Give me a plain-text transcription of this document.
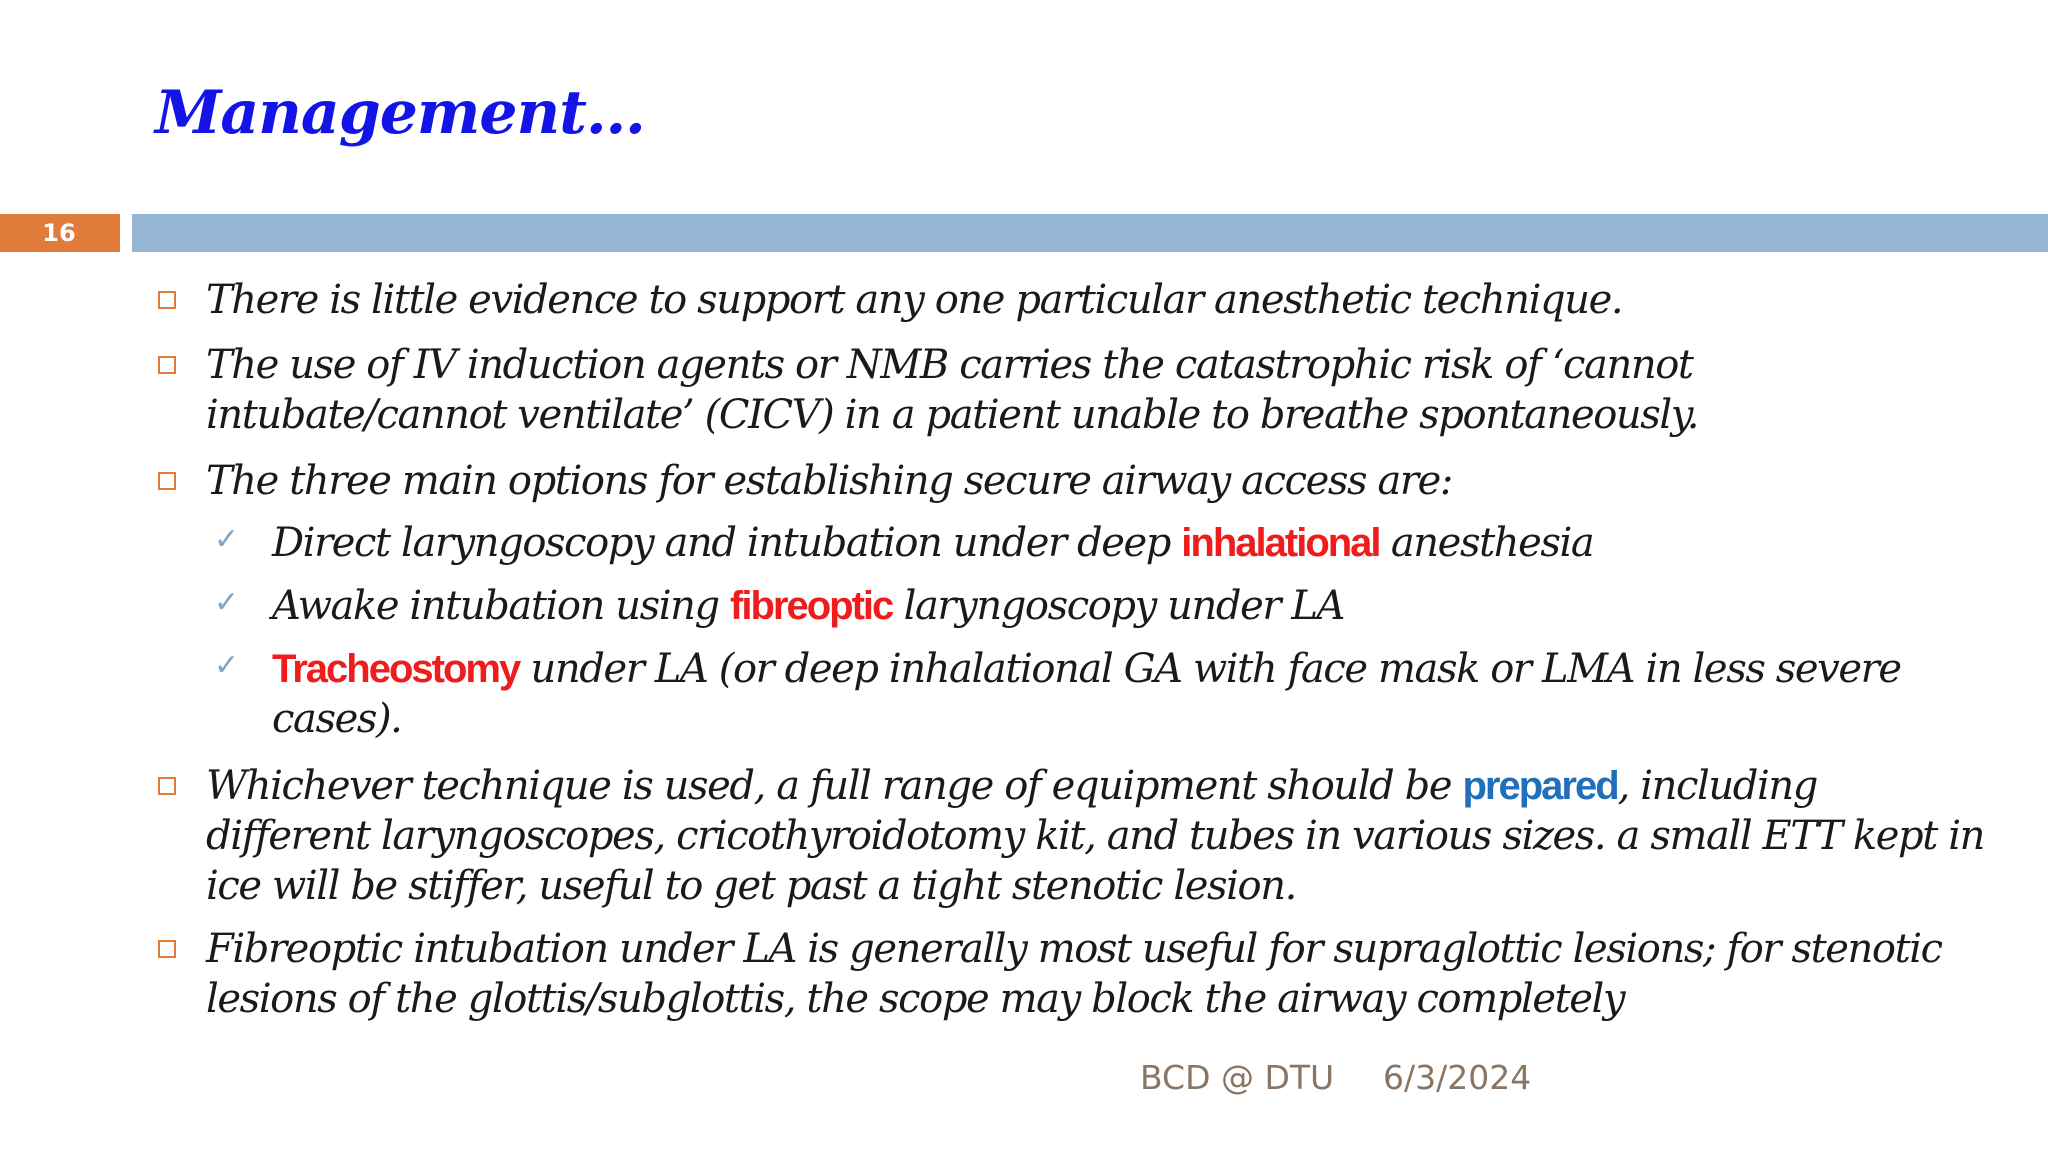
Management…
16
There is little evidence to support any one particular anesthetic technique.
The use of IV induction agents or NMB carries the catastrophic risk of ‘cannot
intubate/cannot ventilate’ (CICV) in a patient unable to breathe spontaneously.
The three main options for establishing secure airway access are:
✓ Direct laryngoscopy and intubation under deep inhalational anesthesia
✓ Awake intubation using fibreoptic laryngoscopy under LA
✓ Tracheostomy under LA (or deep inhalational GA with face mask or LMA in less severe
cases).
Whichever technique is used, a full range of equipment should be prepared, including
different laryngoscopes, cricothyroidotomy kit, and tubes in various sizes. a small ETT kept in
ice will be stiffer, useful to get past a tight stenotic lesion.
Fibreoptic intubation under LA is generally most useful for supraglottic lesions; for stenotic
lesions of the glottis/subglottis, the scope may block the airway completely
BCD @ DTU 6/3/2024
